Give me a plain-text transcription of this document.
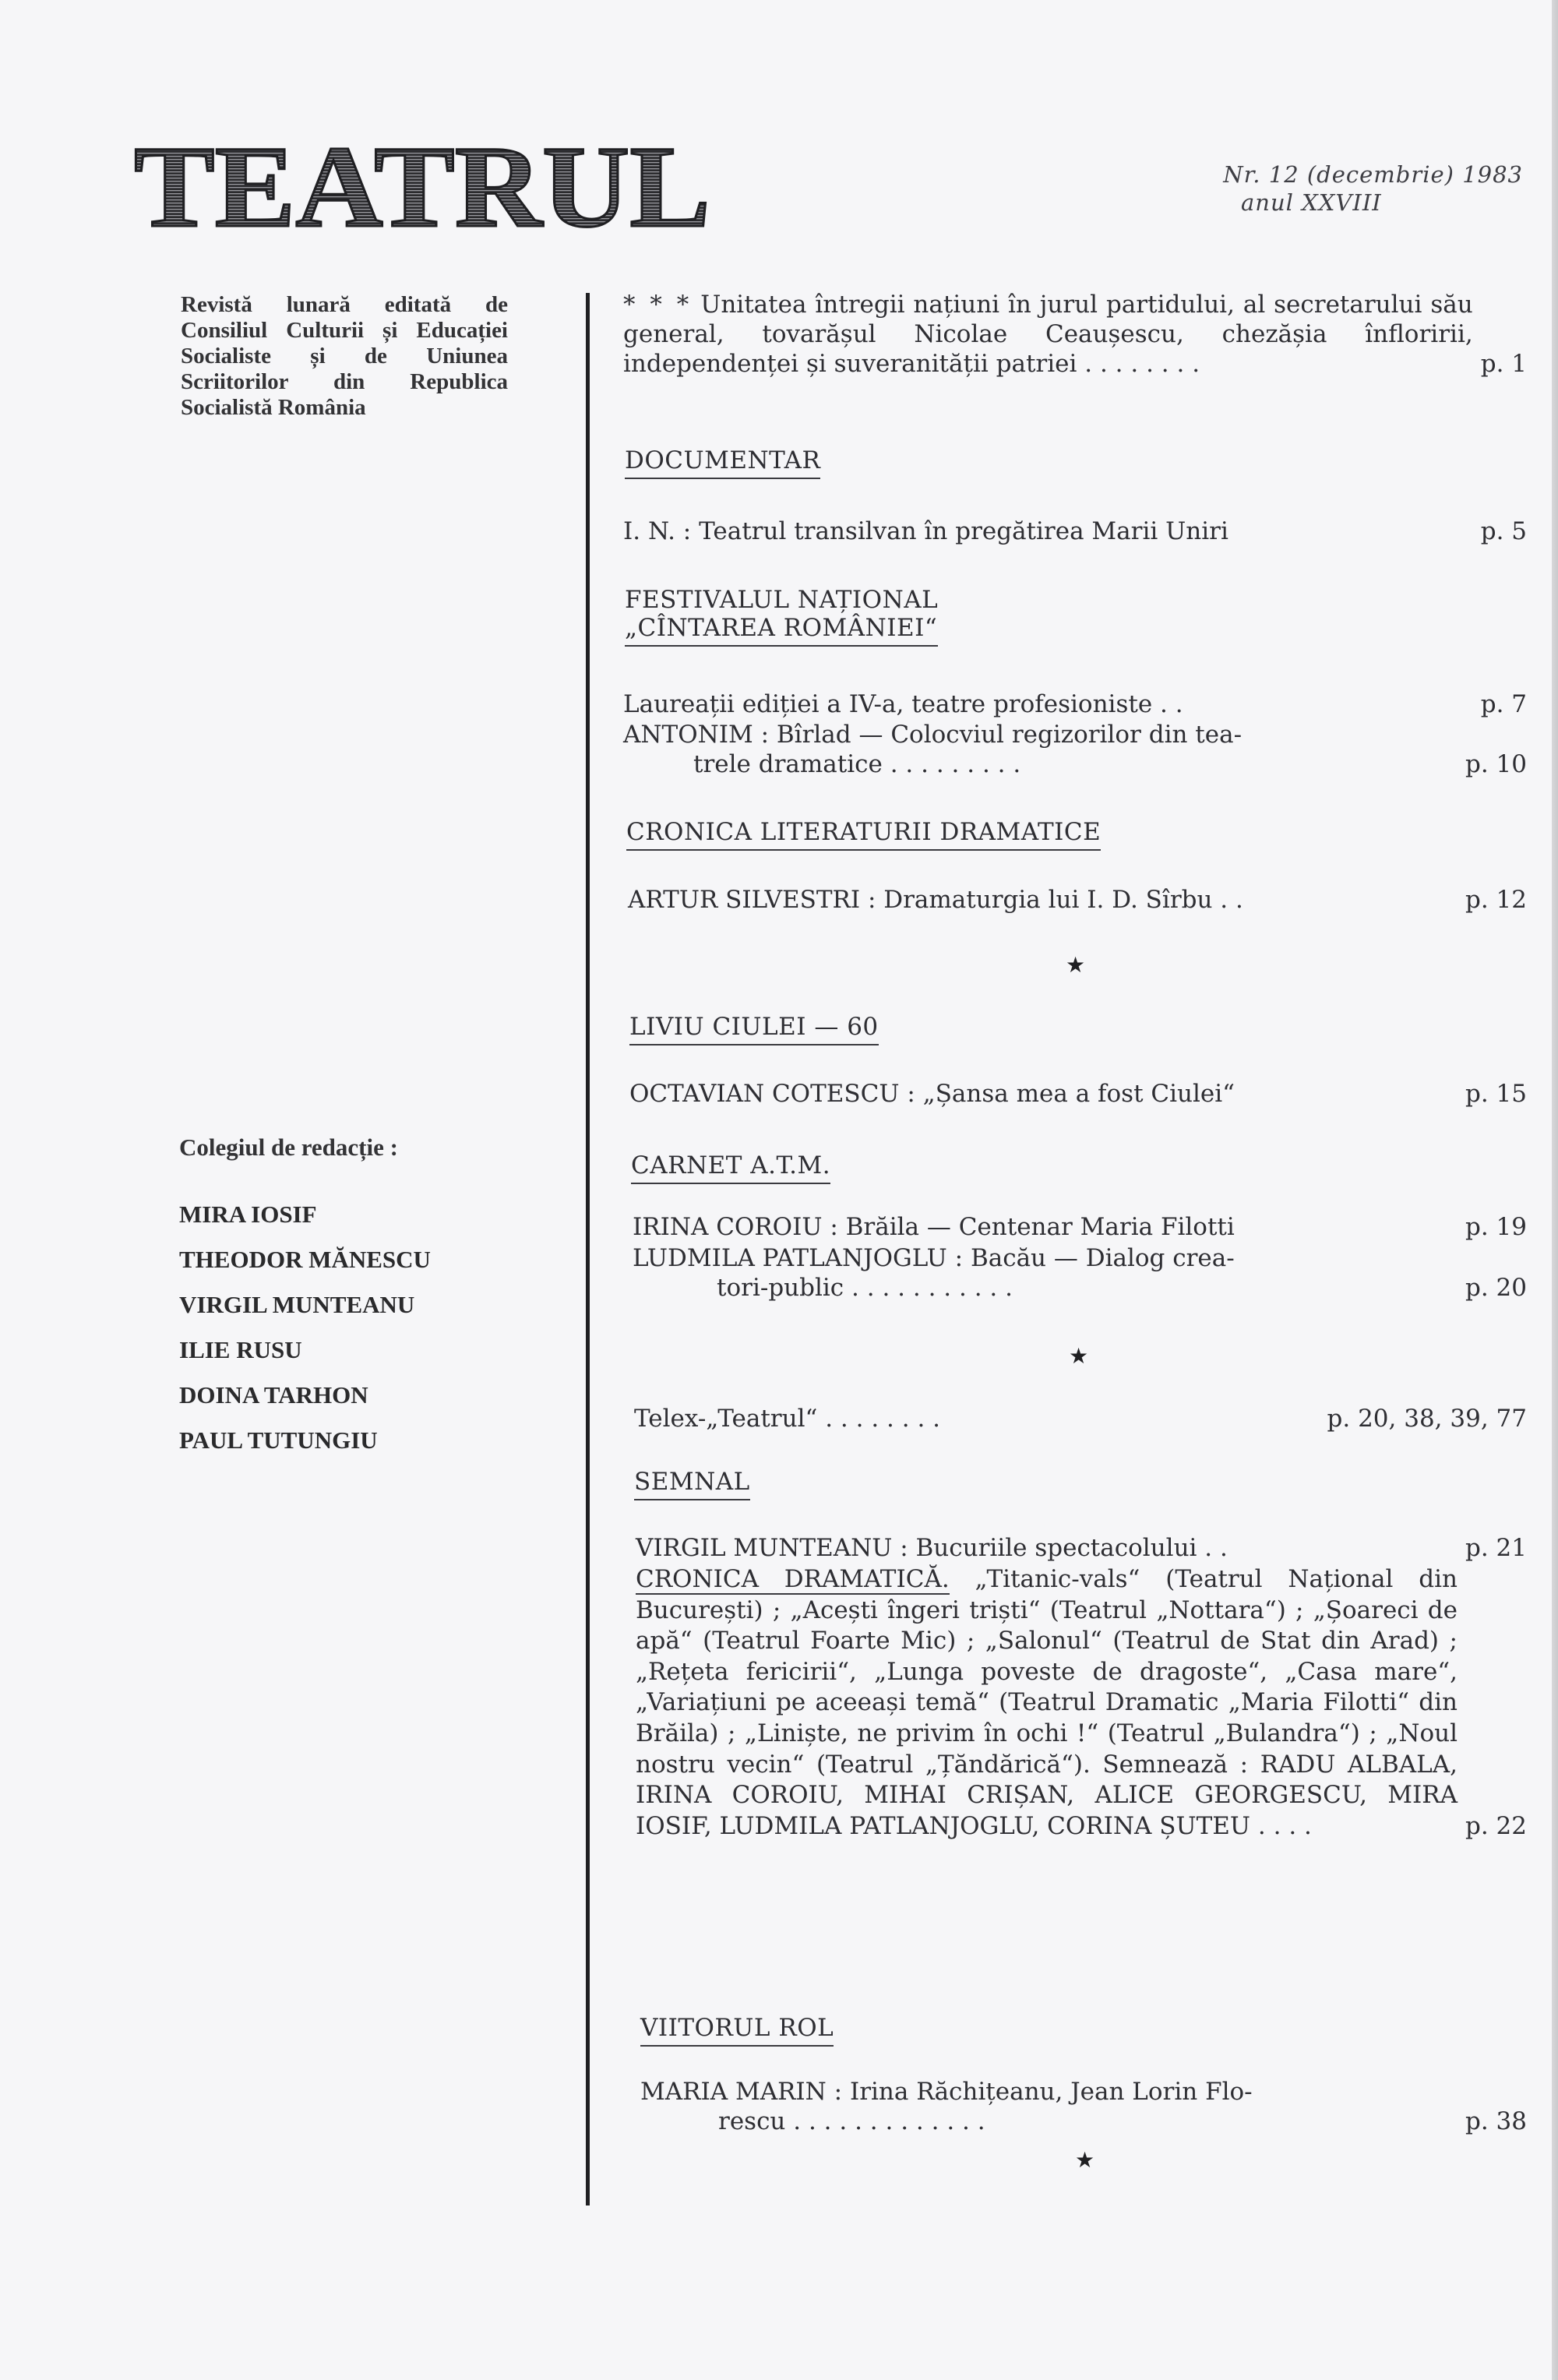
TEATRUL	Nr. 12 (decembrie) 1983
anul XXVIII
Revistă lunară editată de Consiliul Culturii și Educației Socialiste și de Uniunea Scriitorilor din Republica Socialistă România
Colegiul de redacție :
MIRA IOSIF
THEODOR MĂNESCU
VIRGIL MUNTEANU
ILIE RUSU
DOINA TARHON
PAUL TUTUNGIU
* * * Unitatea întregii națiuni în jurul partidului, al secretarului său general, tovarășul Nicolae Ceaușescu, chezășia înfloririi, independenței și suveranității patriei . . . . . . . .	p. 1
DOCUMENTAR
I. N. : Teatrul transilvan în pregătirea Marii Uniri	p. 5
FESTIVALUL NAȚIONAL
„CÎNTAREA ROMÂNIEI“
Laureații ediției a IV-a, teatre profesioniste . .	p. 7
ANTONIM : Bîrlad — Colocviul regizorilor din tea-
trele dramatice . . . . . . . . .	p. 10
CRONICA LITERATURII DRAMATICE
ARTUR SILVESTRI : Dramaturgia lui I. D. Sîrbu . .	p. 12
★
LIVIU CIULEI — 60
OCTAVIAN COTESCU : „Șansa mea a fost Ciulei“	p. 15
CARNET A.T.M.
IRINA COROIU : Brăila — Centenar Maria Filotti	p. 19
LUDMILA PATLANJOGLU : Bacău — Dialog crea-
tori-public . . . . . . . . . . .	p. 20
★
Telex-„Teatrul“ . . . . . . . .	p. 20, 38, 39, 77
SEMNAL
VIRGIL MUNTEANU : Bucuriile spectacolului . .	p. 21
CRONICA DRAMATICĂ. „Titanic-vals“ (Teatrul Național din București) ; „Acești îngeri triști“ (Teatrul „Nottara“) ; „Șoareci de apă“ (Teatrul Foarte Mic) ; „Salonul“ (Teatrul de Stat din Arad) ; „Rețeta fericirii“, „Lunga poveste de dragoste“, „Casa mare“, „Variațiuni pe aceeași temă“ (Teatrul Dramatic „Maria Filotti“ din Brăila) ; „Liniște, ne privim în ochi !“ (Teatrul „Bulandra“) ; „Noul nostru vecin“ (Teatrul „Țăndărică“). Semnează : RADU ALBALA, IRINA COROIU, MIHAI CRIȘAN, ALICE GEORGESCU, MIRA IOSIF, LUDMILA PATLANJOGLU, CORINA ȘUTEU . . . .	p. 22
VIITORUL ROL
MARIA MARIN : Irina Răchițeanu, Jean Lorin Flo-
rescu . . . . . . . . . . . . .	p. 38
★
